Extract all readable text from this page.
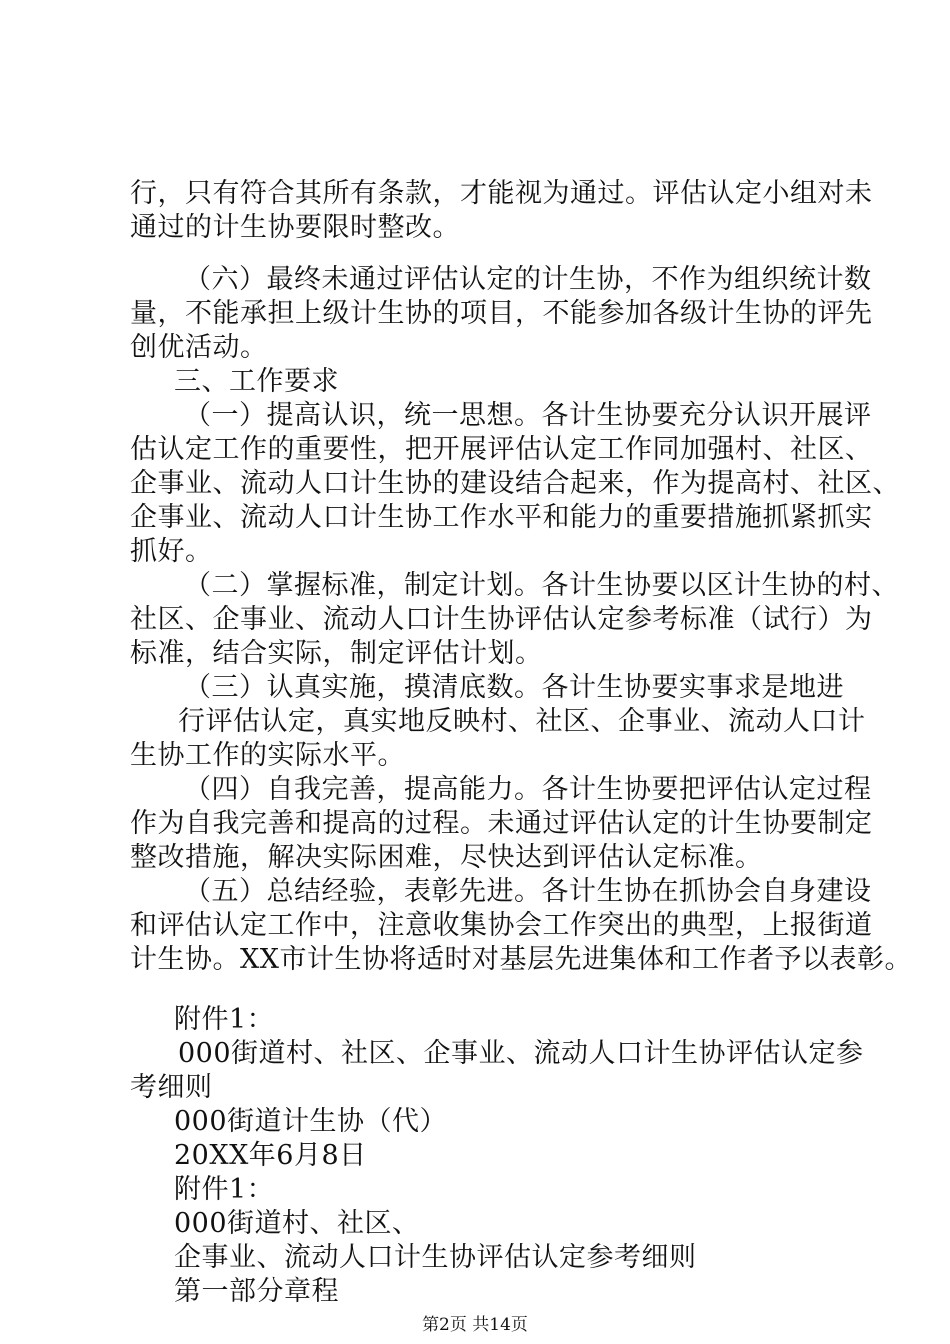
行，只有符合其所有条款，才能视为通过。评估认定小组对未
通过的计生协要限时整改。
（六）最终未通过评估认定的计生协，不作为组织统计数
量，不能承担上级计生协的项目，不能参加各级计生协的评先
创优活动。
三、工作要求
（一）提高认识，统一思想。各计生协要充分认识开展评
估认定工作的重要性，把开展评估认定工作同加强村、社区、
企事业、流动人口计生协的建设结合起来，作为提高村、社区、
企事业、流动人口计生协工作水平和能力的重要措施抓紧抓实
抓好。
（二）掌握标准，制定计划。各计生协要以区计生协的村、
社区、企事业、流动人口计生协评估认定参考标准（试行）为
标准，结合实际，制定评估计划。
（三）认真实施，摸清底数。各计生协要实事求是地进
行评估认定，真实地反映村、社区、企事业、流动人口计
生协工作的实际水平。
（四）自我完善，提高能力。各计生协要把评估认定过程
作为自我完善和提高的过程。未通过评估认定的计生协要制定
整改措施，解决实际困难，尽快达到评估认定标准。
（五）总结经验，表彰先进。各计生协在抓协会自身建设
和评估认定工作中，注意收集协会工作突出的典型，上报街道
计生协。XX市计生协将适时对基层先进集体和工作者予以表彰。
附件1：
000街道村、社区、企事业、流动人口计生协评估认定参
考细则
000街道计生协（代）
20XX年6月8日
附件1：
000街道村、社区、
企事业、流动人口计生协评估认定参考细则
第一部分章程
第2页 共14页
